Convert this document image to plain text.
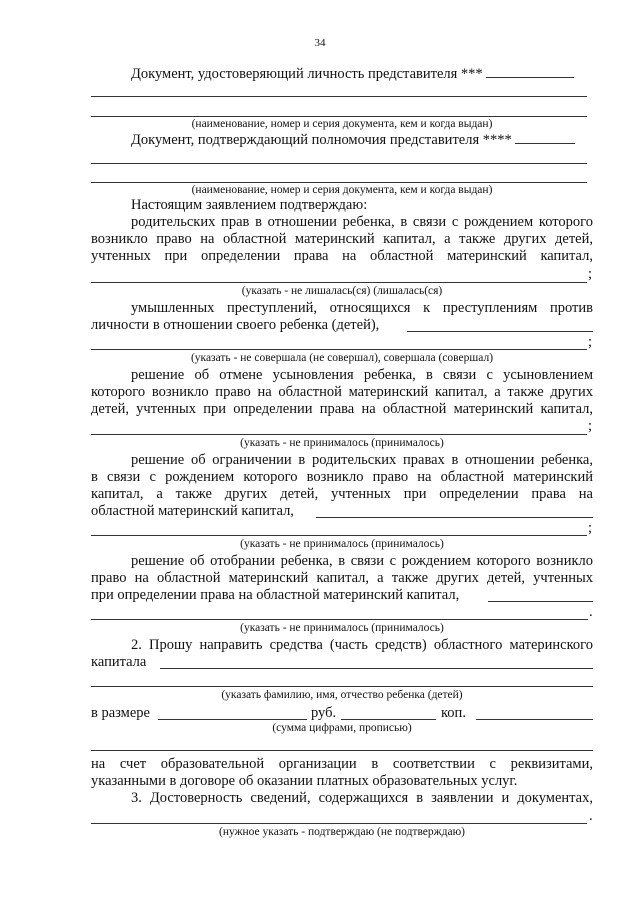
34
Документ, удостоверяющий личность представителя ***
(наименование, номер и серия документа, кем и когда выдан)
Документ, подтверждающий полномочия представителя ****
(наименование, номер и серия документа, кем и когда выдан)
Настоящим заявлением подтверждаю:
родительских прав в отношении ребенка, в связи с рождением которого
возникло право на областной материнский капитал, а также других детей,
учтенных при определении права на областной материнский капитал,
;
(указать - не лишалась(ся) (лишалась(ся)
умышленных преступлений, относящихся к преступлениям против
личности в отношении своего ребенка (детей),
;
(указать - не совершала (не совершал), совершала (совершал)
решение об отмене усыновления ребенка, в связи с усыновлением
которого возникло право на областной материнский капитал, а также других
детей, учтенных при определении права на областной материнский капитал,
;
(указать - не принималось (принималось)
решение об ограничении в родительских правах в отношении ребенка,
в связи с рождением которого возникло право на областной материнский
капитал, а также других детей, учтенных при определении права на
областной материнский капитал,
;
(указать - не принималось (принималось)
решение об отобрании ребенка, в связи с рождением которого возникло
право на областной материнский капитал, а также других детей, учтенных
при определении права на областной материнский капитал,
.
(указать - не принималось (принималось)
2. Прошу направить средства (часть средств) областного материнского
капитала
(указать фамилию, имя, отчество ребенка (детей)
в размере	руб.	коп.
(сумма цифрами, прописью)
на счет образовательной организации в соответствии с реквизитами,
указанными в договоре об оказании платных образовательных услуг.
3. Достоверность сведений, содержащихся в заявлении и документах,
.
(нужное указать - подтверждаю (не подтверждаю)
